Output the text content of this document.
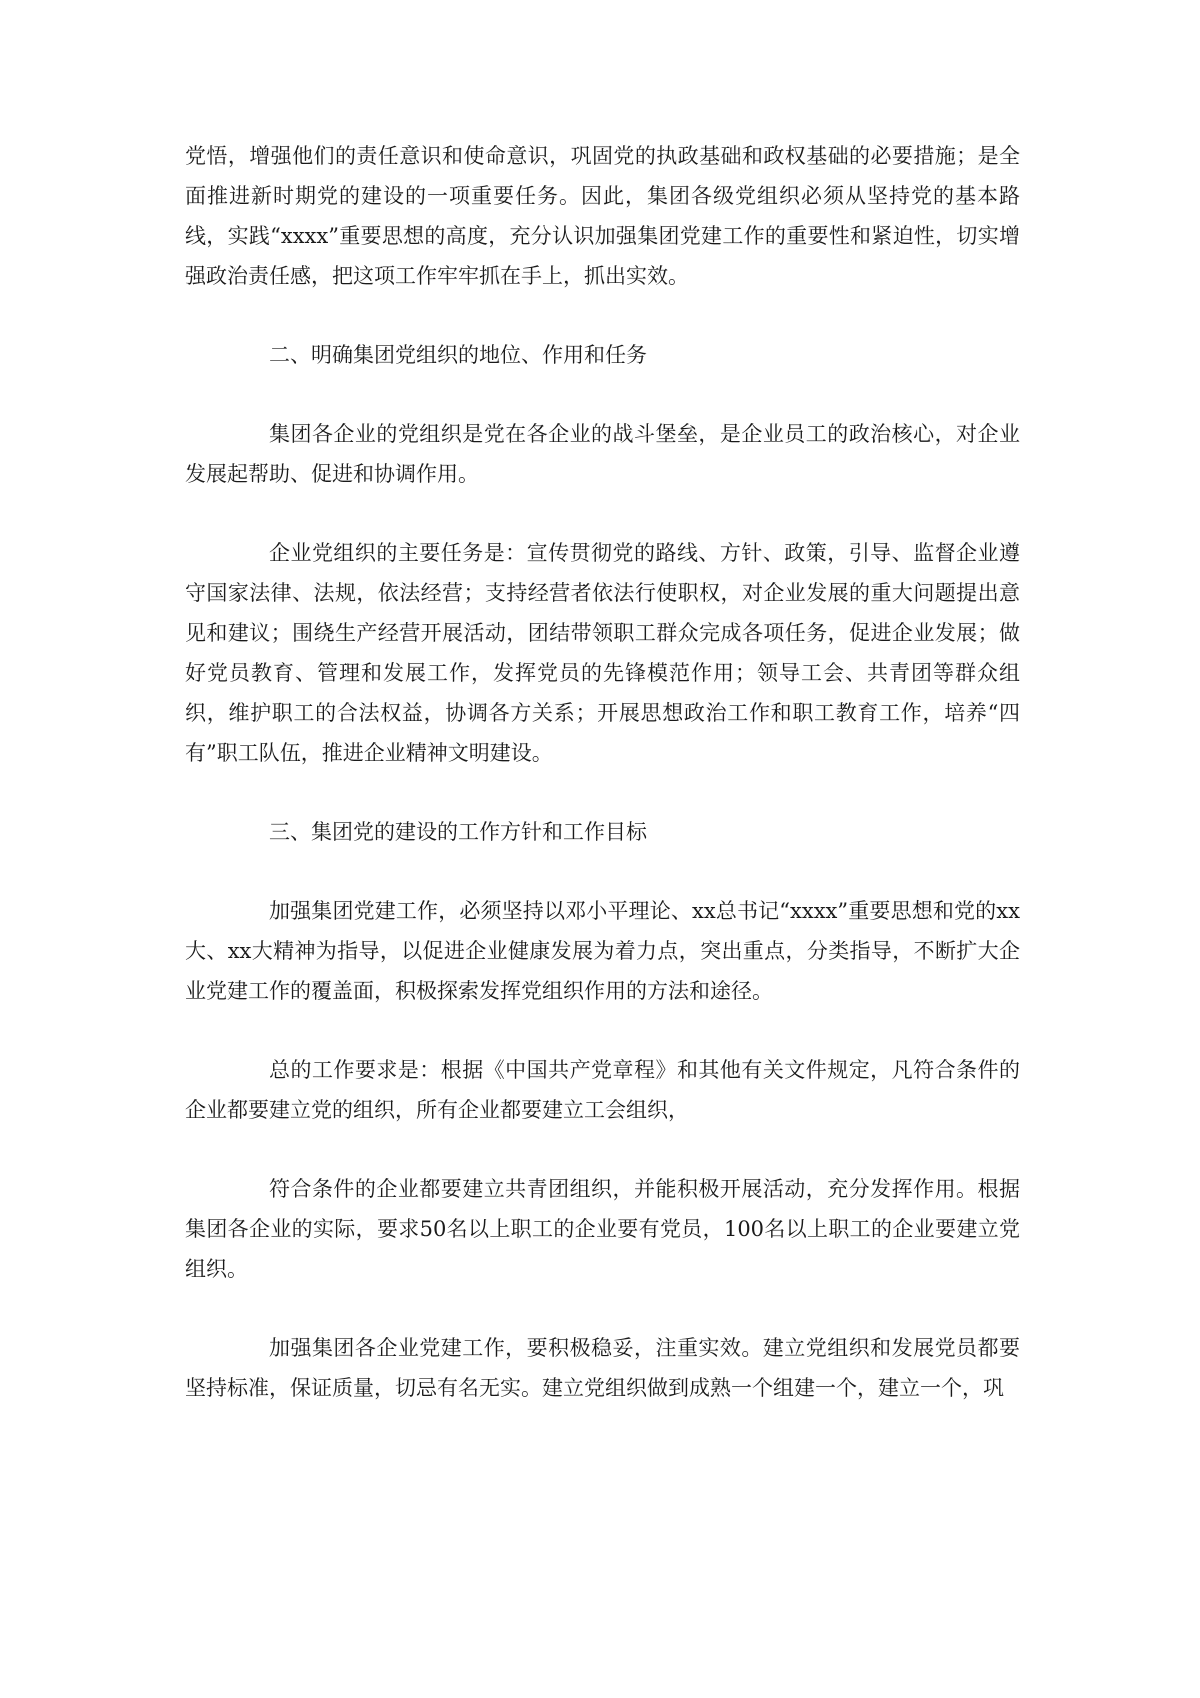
党悟，增强他们的责任意识和使命意识，巩固党的执政基础和政权基础的必要措施；是全面推进新时期党的建设的一项重要任务。因此，集团各级党组织必须从坚持党的基本路线，实践“xxxx”重要思想的高度，充分认识加强集团党建工作的重要性和紧迫性，切实增强政治责任感，把这项工作牢牢抓在手上，抓出实效。

二、明确集团党组织的地位、作用和任务

集团各企业的党组织是党在各企业的战斗堡垒，是企业员工的政治核心，对企业发展起帮助、促进和协调作用。

企业党组织的主要任务是：宣传贯彻党的路线、方针、政策，引导、监督企业遵守国家法律、法规，依法经营；支持经营者依法行使职权，对企业发展的重大问题提出意见和建议；围绕生产经营开展活动，团结带领职工群众完成各项任务，促进企业发展；做好党员教育、管理和发展工作，发挥党员的先锋模范作用；领导工会、共青团等群众组织，维护职工的合法权益，协调各方关系；开展思想政治工作和职工教育工作，培养“四有”职工队伍，推进企业精神文明建设。

三、集团党的建设的工作方针和工作目标

加强集团党建工作，必须坚持以邓小平理论、xx总书记“xxxx”重要思想和党的xx大、xx大精神为指导，以促进企业健康发展为着力点，突出重点，分类指导，不断扩大企业党建工作的覆盖面，积极探索发挥党组织作用的方法和途径。

总的工作要求是：根据《中国共产党章程》和其他有关文件规定，凡符合条件的企业都要建立党的组织，所有企业都要建立工会组织，

符合条件的企业都要建立共青团组织，并能积极开展活动，充分发挥作用。根据集团各企业的实际，要求50名以上职工的企业要有党员，100名以上职工的企业要建立党组织。

加强集团各企业党建工作，要积极稳妥，注重实效。建立党组织和发展党员都要坚持标准，保证质量，切忌有名无实。建立党组织做到成熟一个组建一个，建立一个，巩
